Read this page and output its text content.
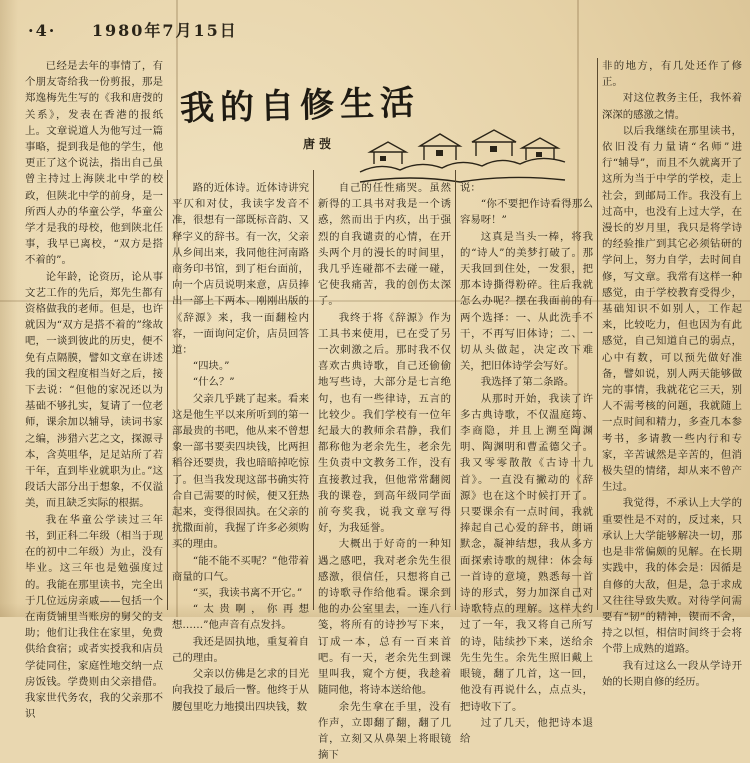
·4· 1980年7月15日
我的自修生活
唐弢

已经是去年的事情了，有个朋友寄给我一份剪报，那是郑逸梅先生写的《我和唐弢的关系》，发表在香港的报纸上。文章说道人为他写过一篇事略，提到我是他的学生，他更正了这个说法，指出自己虽曾主持过上海陕北中学的校政，但陕北中学的前身，是一所西人办的华童公学，华童公学才是我的母校，他到陕北任事，我早已离校，“双方是搭不着的”。

论年龄，论资历，论从事文艺工作的先后，郑先生都有资格做我的老师。但是，也许就因为“双方是搭不着的”缘故吧，一谈到彼此的历史，便不免有点隔膜，譬如文章在讲述我的国文程度相当好之后，接下去说：“但他的家况还以为基础不够扎实，复请了一位老师，课余加以辅导，读词书家之编，涉猎六艺之文，探源寻本，含英咀华，足足站所了若干年，直到毕业就职为止。”这段话大部分出于想象，不仅溢美，而且缺乏实际的根据。

我在华童公学读过三年书，到正科二年级（相当于现在的初中二年级）为止，没有毕业。这三年也是勉强度过的。我能在那里读书，完全出于几位远房亲戚——包括一个在南货铺里当账房的舅父的支助；他们让我住在家里，免费供给食宿；或者实授我和店员学徒同住，家庭性地交纳一点房饭钱。学费则由父亲措借。我家世代务农，我的父亲那不识

路的近体诗。近体诗讲究平仄和对仗，我读字发音不准，很想有一部既标音韵、又释字义的辞书。有一次，父亲从乡间出来，我同他往河南路商务印书馆，到了柜台面前，向一个店员说明来意，店员捧出一部上下两本、刚刚出版的《辞源》来，我一面翻检内容，一面询问定价，店员回答道：

“四块。”

“什么？”

父亲几乎跳了起来。看来这是他生平以来所听到的第一部最贵的书吧，他从来不曾想象一部书要卖四块钱，比两担稻谷还要贵，我也暗暗掉吃惊了。但当我发现这部书确实符合自己需要的时候，便又狂热起来，变得很固执。在父亲的扰撒面前，我握了许多必须购买的理由。

“能不能不买呢？”他带着商量的口气。

“买，我读书离不开它。”

“太贵啊，你再想想……”他声音有点发抖。

我还是固执地，重复着自己的理由。

父亲以仿佛是乞求的目光向我投了最后一瞥。他终于从腰包里吃力地摸出四块钱，数

自己的任性痛哭。虽然新得的工具书对我是一个诱惑，然而出于内疚，出于强烈的自我谴责的心情，在开头两个月的漫长的时间里，我几乎连碰都不去碰一碰，它使我痛苦，我的创伤太深了。

我终于将《辞源》作为工具书来使用，已在受了另一次刺激之后。那时我不仅喜欢古典诗歌，自己还偷偷地写些诗，大部分是七言绝句，也有一些律诗，五言的比较少。我们学校有一位年纪最大的教师余君静，我们都称他为老余先生，老余先生负责中文教务工作，没有直接教过我，但他常常翻阅我的课卷，到高年级同学面前夸奖我，说我文章写得好，为我延誉。

大概出于好奇的一种知遇之感吧，我对老余先生很感激，很信任，只想将自己的诗歌寻作给他看。课余到他的办公室里去，一连八行笺，将所有的诗抄写下来，订成一本，总有一百来首吧。有一天，老余先生到课里叫我，窥个方便，我趁着随同他，将诗本送给他。

余先生拿在手里，没有作声，立即翻了翻，翻了几首，立刻又从鼻架上将眼镜摘下

说：

“你不要把作诗看得那么容易呀！”

这真是当头一棒，将我的“诗人”的美梦打破了。那天我回到住处，一发狠，把那本诗撕得粉碎。往后我就怎么办呢？摆在我面前的有两个选择：一、从此洗手不干，不再写旧体诗；二、一切从头做起，决定改下难关，把旧体诗学会写好。

我选择了第二条路。

从那时开始，我读了许多古典诗歌，不仅温庭筠、李商隐，并且上溯至陶渊明、陶渊明和曹孟德父子。我又零零散散《古诗十九首》。一直没有撇动的《辞源》也在这个时候打开了。只要课余有一点时间，我就捧起自己心爱的辞书，朗诵默念，凝神结想，我从多方面探索诗歌的规律：体会每一首诗的意境，熟悉每一首诗的形式，努力加深自己对诗歌特点的理解。这样大约过了一年，我又将自己所写的诗，陆续抄下来，送给余先生先生。余先生照旧戴上眼镜，翻了几首，这一回，他没有再说什么，点点头，把诗收下了。

过了几天，他把诗本退给

非的地方，有几处还作了修正。

对这位教务主任，我怀着深深的感激之情。

以后我继续在那里读书，依旧没有力量请“名师”进行“辅导”，而且不久就离开了这所为当于中学的学校，走上社会，到邮局工作。我没有上过高中，也没有上过大学，在漫长的岁月里，我只是将学诗的经验推广到其它必须钻研的学问上，努力自学，去时间自修，写文章。我常有这样一种感觉，由于学校教育受得少，基础知识不如别人，工作起来，比较吃力，但也因为有此感觉，自己知道自己的弱点，心中有数，可以预先做好准备，譬如说，别人两天能够做完的事情，我就花它三天，别人不需考核的问题，我就随上一点时间和精力，多查几本参考书，多请教一些内行和专家，辛苦诚然是辛苦的，但消极失望的情绪，却从来不曾产生过。

我觉得，不承认上大学的重要性是不对的，反过来，只承认上大学能够解决一切，那也是非常偏颇的见解。在长期实践中，我的体会是：因循是自修的大敌，但是，急于求成又往往导致失败。对待学问需要有“韧”的精神，锲而不舍，持之以恒，相信时间终于会将个带上成熟的道路。

我有过这么一段从学诗开始的长期自修的经历。
